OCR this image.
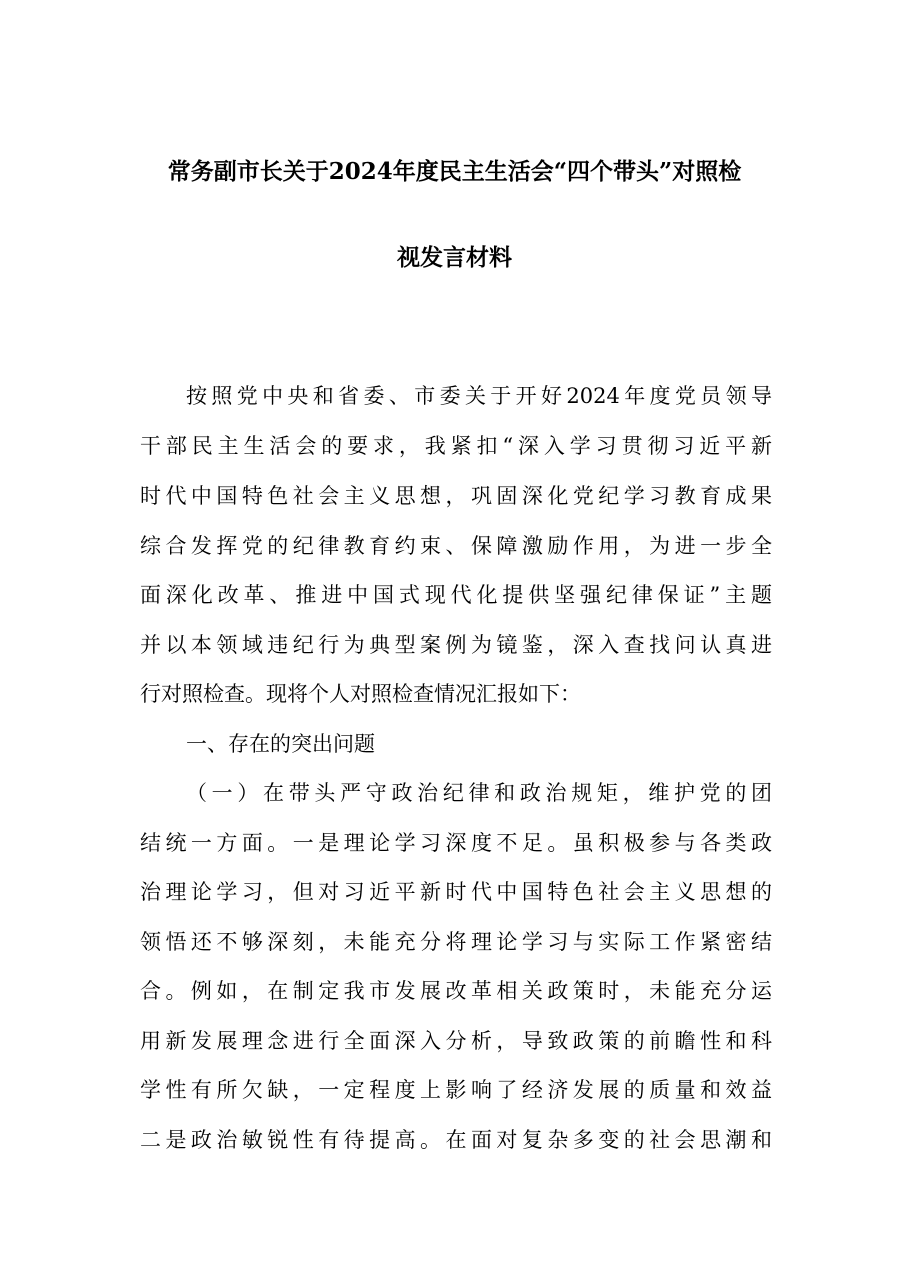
常务副市长关于2024年度民主生活会“四个带头”对照检
视发言材料
按照党中央和省委、市委关于开好2024年度党员领导
干部民主生活会的要求，我紧扣“深入学习贯彻习近平新
时代中国特色社会主义思想，巩固深化党纪学习教育成果
综合发挥党的纪律教育约束、保障激励作用，为进一步全
面深化改革、推进中国式现代化提供坚强纪律保证”主题
并以本领域违纪行为典型案例为镜鉴，深入查找问认真进
行对照检查。现将个人对照检查情况汇报如下：
一、存在的突出问题
（一）在带头严守政治纪律和政治规矩，维护党的团
结统一方面。一是理论学习深度不足。虽积极参与各类政
治理论学习，但对习近平新时代中国特色社会主义思想的
领悟还不够深刻，未能充分将理论学习与实际工作紧密结
合。例如，在制定我市发展改革相关政策时，未能充分运
用新发展理念进行全面深入分析，导致政策的前瞻性和科
学性有所欠缺，一定程度上影响了经济发展的质量和效益
二是政治敏锐性有待提高。在面对复杂多变的社会思潮和
